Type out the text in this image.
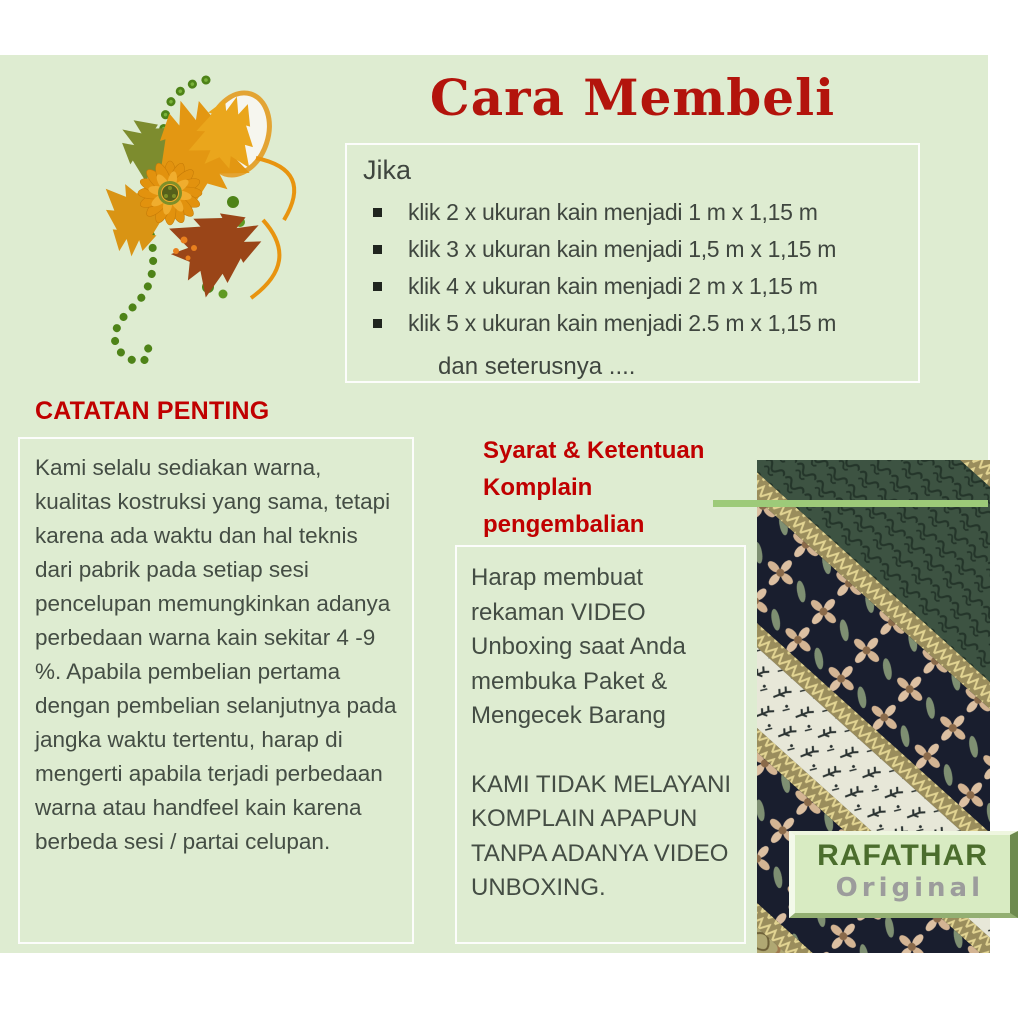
Cara Membeli
Jika
klik 2 x ukuran kain menjadi 1 m x 1,15 m
klik 3 x ukuran kain menjadi 1,5 m x 1,15 m
klik 4 x ukuran kain menjadi 2 m x 1,15 m
klik 5 x ukuran kain menjadi 2.5 m x 1,15 m
dan seterusnya ....
CATATAN PENTING
Kami selalu sediakan warna, kualitas kostruksi yang sama, tetapi karena ada waktu dan hal teknis dari pabrik pada setiap sesi pencelupan memungkinkan adanya perbedaan warna kain sekitar 4 -9 %. Apabila pembelian pertama dengan pembelian selanjutnya pada jangka waktu tertentu, harap di mengerti apabila terjadi perbedaan warna atau handfeel kain karena berbeda sesi / partai celupan.
Syarat & Ketentuan
Komplain
pengembalian

Harap membuat rekaman VIDEO Unboxing saat Anda membuka Paket & Mengecek Barang

KAMI TIDAK MELAYANI KOMPLAIN APAPUN TANPA ADANYA VIDEO UNBOXING.

RAFATHAR
Original
